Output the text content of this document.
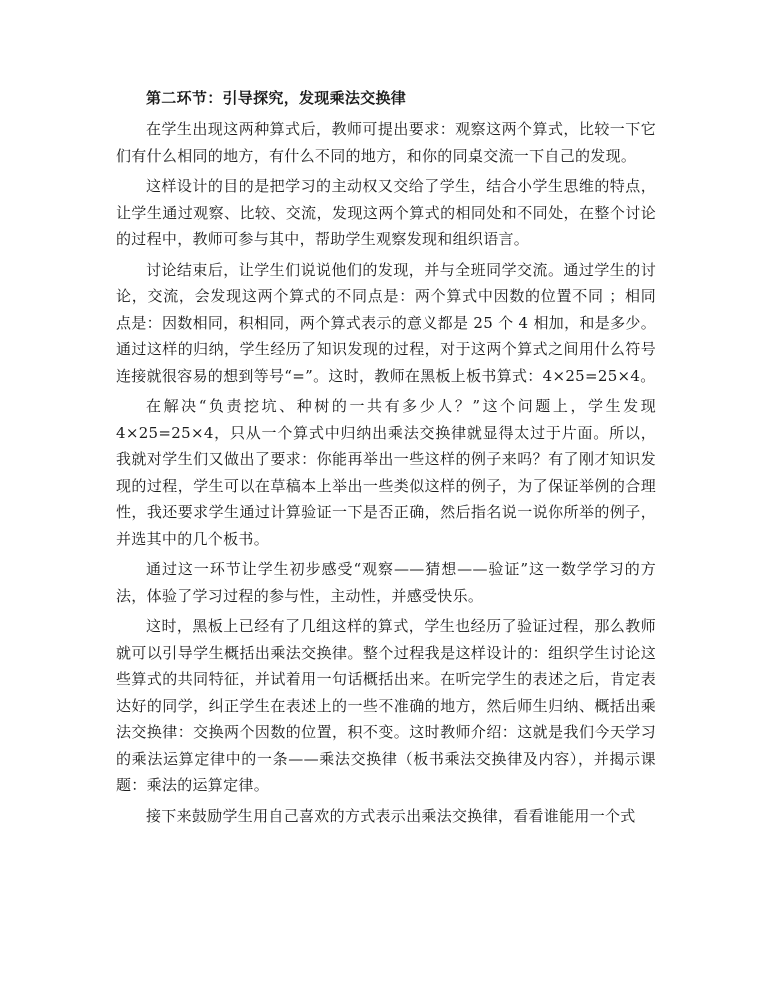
第二环节：引导探究，发现乘法交换律

在学生出现这两种算式后，教师可提出要求：观察这两个算式，比较一下它们有什么相同的地方，有什么不同的地方，和你的同桌交流一下自己的发现。

这样设计的目的是把学习的主动权又交给了学生，结合小学生思维的特点，让学生通过观察、比较、交流，发现这两个算式的相同处和不同处，在整个讨论的过程中，教师可参与其中，帮助学生观察发现和组织语言。

讨论结束后，让学生们说说他们的发现，并与全班同学交流。通过学生的讨论，交流，会发现这两个算式的不同点是：两个算式中因数的位置不同 ；相同点是：因数相同，积相同，两个算式表示的意义都是 25 个 4 相加，和是多少。通过这样的归纳，学生经历了知识发现的过程，对于这两个算式之间用什么符号连接就很容易的想到等号“=”。这时，教师在黑板上板书算式：4×25=25×4。

在解决“负责挖坑、种树的一共有多少人？”这个问题上，学生发现 4×25=25×4，只从一个算式中归纳出乘法交换律就显得太过于片面。所以，我就对学生们又做出了要求：你能再举出一些这样的例子来吗？有了刚才知识发现的过程，学生可以在草稿本上举出一些类似这样的例子，为了保证举例的合理性，我还要求学生通过计算验证一下是否正确，然后指名说一说你所举的例子，并选其中的几个板书。

通过这一环节让学生初步感受“观察——猜想——验证”这一数学学习的方法，体验了学习过程的参与性，主动性，并感受快乐。

这时，黑板上已经有了几组这样的算式，学生也经历了验证过程，那么教师就可以引导学生概括出乘法交换律。整个过程我是这样设计的：组织学生讨论这些算式的共同特征，并试着用一句话概括出来。在听完学生的表述之后，肯定表达好的同学，纠正学生在表述上的一些不准确的地方，然后师生归纳、概括出乘法交换律：交换两个因数的位置，积不变。这时教师介绍：这就是我们今天学习的乘法运算定律中的一条——乘法交换律（板书乘法交换律及内容），并揭示课题：乘法的运算定律。

接下来鼓励学生用自己喜欢的方式表示出乘法交换律，看看谁能用一个式
